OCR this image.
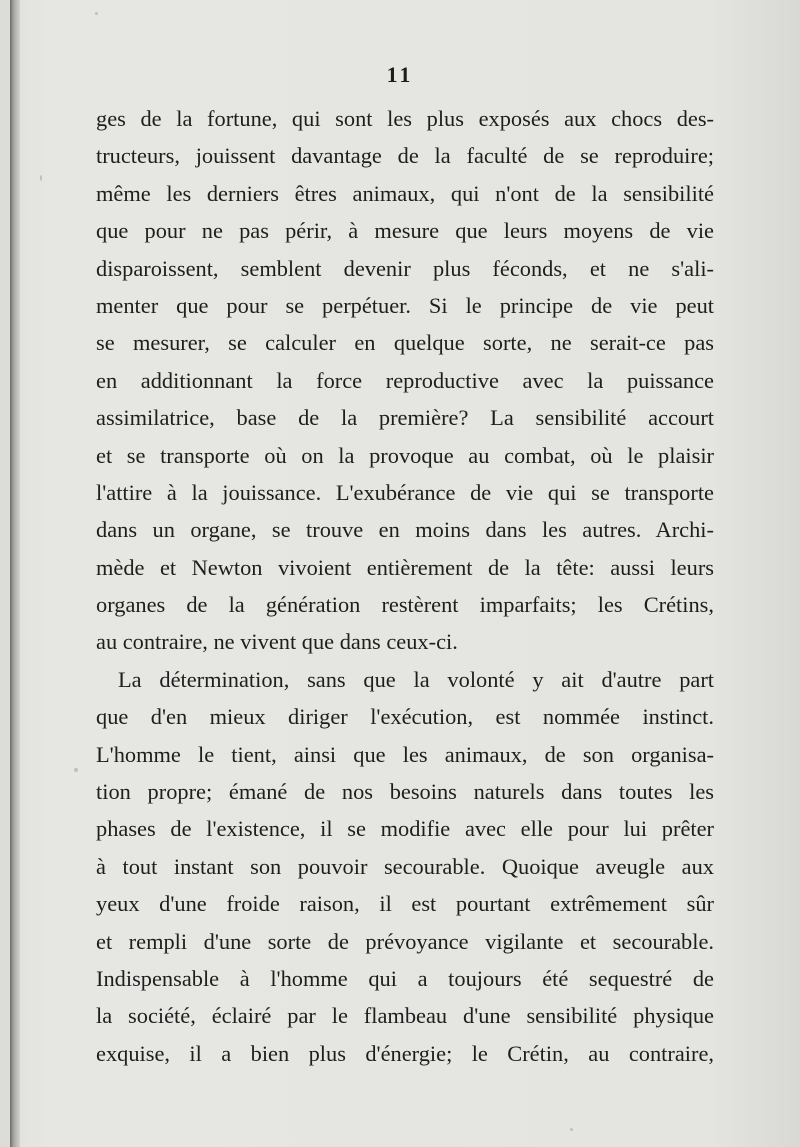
11
ges de la fortune, qui sont les plus exposés aux chocs des-
tructeurs, jouissent davantage de la faculté de se reproduire;
même les derniers êtres animaux, qui n'ont de la sensibilité
que pour ne pas périr, à mesure que leurs moyens de vie
disparoissent, semblent devenir plus féconds, et ne s'ali-
menter que pour se perpétuer. Si le principe de vie peut
se mesurer, se calculer en quelque sorte, ne serait-ce pas
en additionnant la force reproductive avec la puissance
assimilatrice, base de la première? La sensibilité accourt
et se transporte où on la provoque au combat, où le plaisir
l'attire à la jouissance. L'exubérance de vie qui se transporte
dans un organe, se trouve en moins dans les autres. Archi-
mède et Newton vivoient entièrement de la tête: aussi leurs
organes de la génération restèrent imparfaits; les Crétins,
au contraire, ne vivent que dans ceux-ci.
La détermination, sans que la volonté y ait d'autre part
que d'en mieux diriger l'exécution, est nommée instinct.
L'homme le tient, ainsi que les animaux, de son organisa-
tion propre; émané de nos besoins naturels dans toutes les
phases de l'existence, il se modifie avec elle pour lui prêter
à tout instant son pouvoir secourable. Quoique aveugle aux
yeux d'une froide raison, il est pourtant extrêmement sûr
et rempli d'une sorte de prévoyance vigilante et secourable.
Indispensable à l'homme qui a toujours été sequestré de
la société, éclairé par le flambeau d'une sensibilité physique
exquise, il a bien plus d'énergie; le Crétin, au contraire,
